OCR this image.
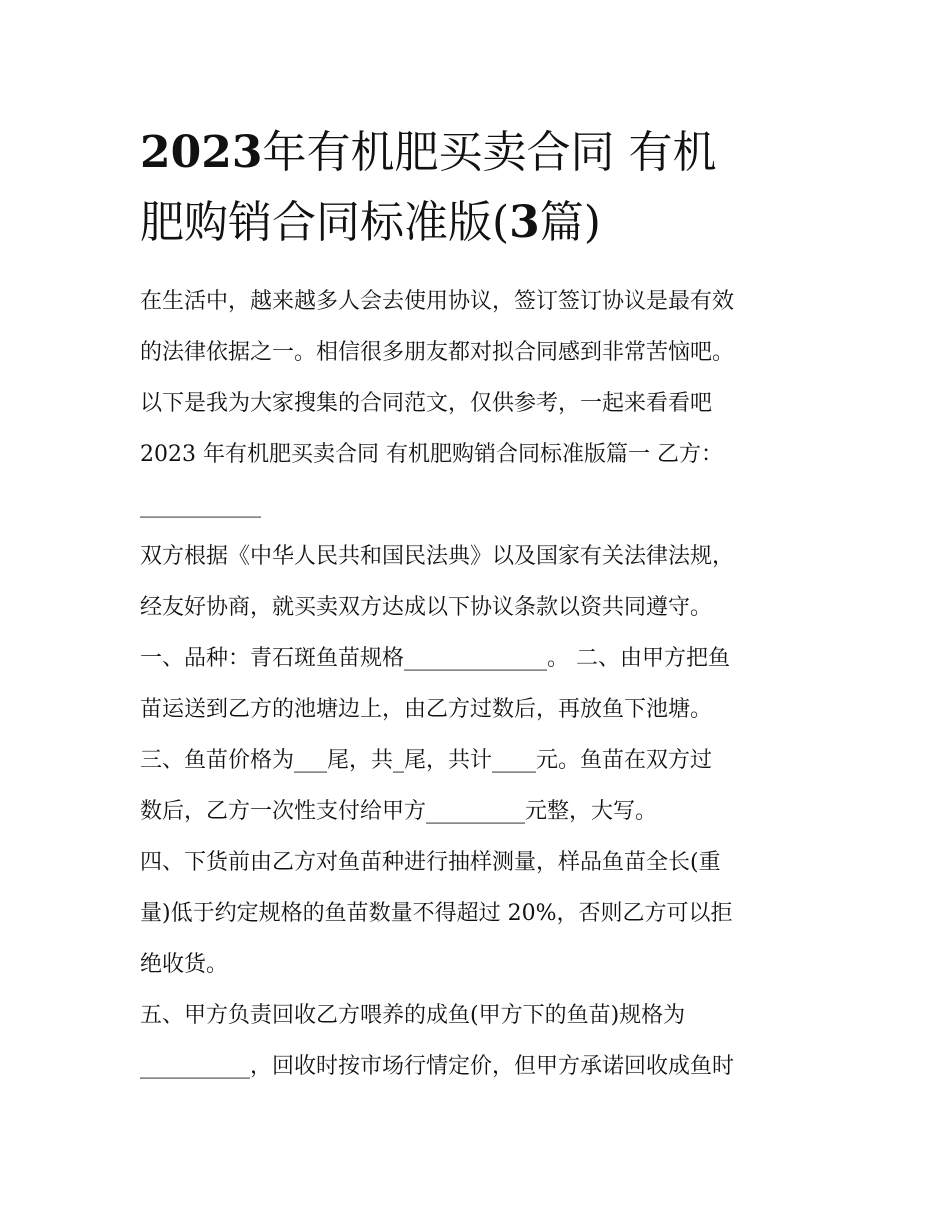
2023年有机肥买卖合同 有机
肥购销合同标准版(3篇)
在生活中，越来越多人会去使用协议，签订签订协议是最有效
的法律依据之一。相信很多朋友都对拟合同感到非常苦恼吧。
以下是我为大家搜集的合同范文，仅供参考，一起来看看吧
2023 年有机肥买卖合同 有机肥购销合同标准版篇一 乙方：
___________
双方根据《中华人民共和国民法典》以及国家有关法律法规，
经友好协商，就买卖双方达成以下协议条款以资共同遵守。
一、品种：青石斑鱼苗规格_____________。 二、由甲方把鱼
苗运送到乙方的池塘边上，由乙方过数后，再放鱼下池塘。
三、鱼苗价格为___尾，共_尾，共计____元。鱼苗在双方过
数后，乙方一次性支付给甲方_________元整，大写。
四、下货前由乙方对鱼苗种进行抽样测量，样品鱼苗全长(重
量)低于约定规格的鱼苗数量不得超过 20%，否则乙方可以拒
绝收货。
五、甲方负责回收乙方喂养的成鱼(甲方下的鱼苗)规格为
__________，回收时按市场行情定价，但甲方承诺回收成鱼时
